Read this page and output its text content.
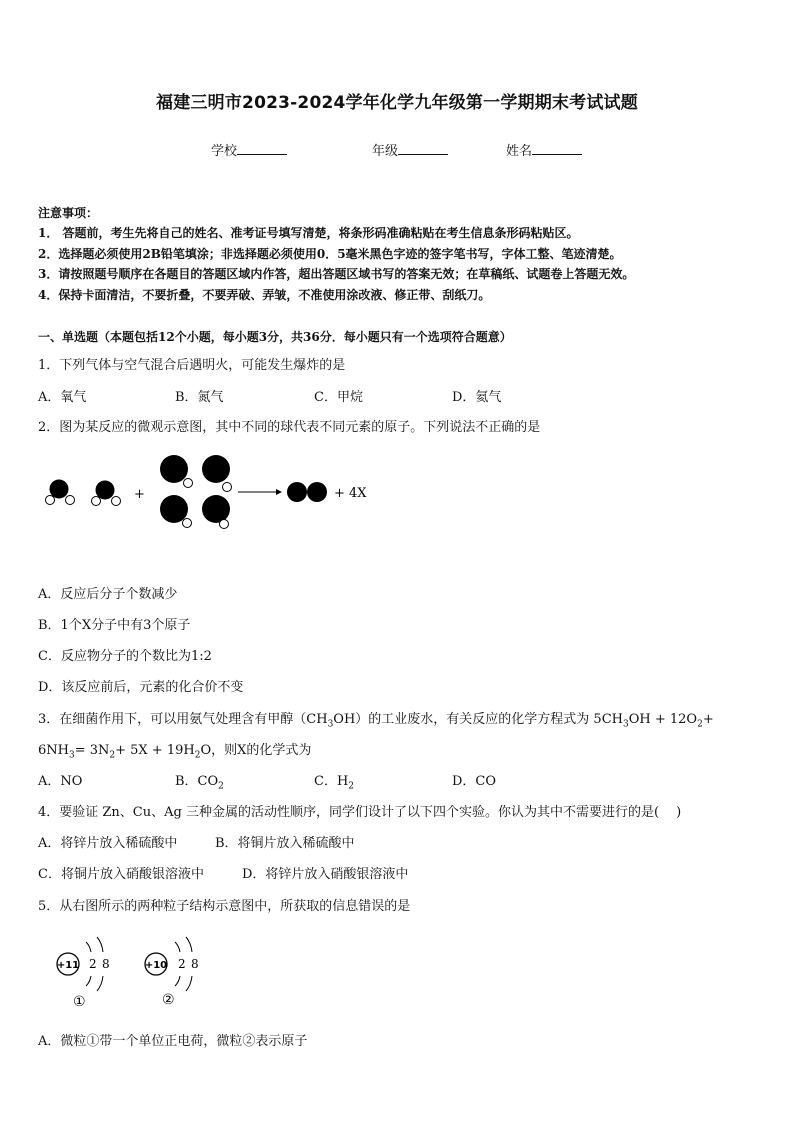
福建三明市2023-2024学年化学九年级第一学期期末考试试题
学校	年级	姓名
注意事项：
1． 答题前，考生先将自己的姓名、准考证号填写清楚，将条形码准确粘贴在考生信息条形码粘贴区。
2．选择题必须使用2B铅笔填涂；非选择题必须使用0．5毫米黑色字迹的签字笔书写，字体工整、笔迹清楚。
3．请按照题号顺序在各题目的答题区域内作答，超出答题区域书写的答案无效；在草稿纸、试题卷上答题无效。
4．保持卡面清洁，不要折叠，不要弄破、弄皱，不准使用涂改液、修正带、刮纸刀。
一、单选题（本题包括12个小题，每小题3分，共36分．每小题只有一个选项符合题意）
1．下列气体与空气混合后遇明火，可能发生爆炸的是
A．氧气	B．氮气	C．甲烷	D．氦气
2．图为某反应的微观示意图，其中不同的球代表不同元素的原子。下列说法不正确的是
+	+ 4X
A．反应后分子个数减少
B．1个X分子中有3个原子
C．反应物分子的个数比为1:2
D．该反应前后，元素的化合价不变
3．在细菌作用下，可以用氨气处理含有甲醇$(CH_3OH)$的工业废水，有关反应的化学方程式为 $5CH_3OH + 12O_2+$
$6NH_3= 3N_2+ 5X + 19H_2O$，则X的化学式为
A．NO	B．$CO_2$	C．$H_2$	D．CO
4．要验证 Zn、Cu、Ag 三种金属的活动性顺序，同学们设计了以下四个实验。你认为其中不需要进行的是(　 )
A．将锌片放入稀硫酸中	B．将铜片放入稀硫酸中
C．将铜片放入硝酸银溶液中	D．将锌片放入硝酸银溶液中
5．从右图所示的两种粒子结构示意图中，所获取的信息错误的是
+11 2 8
①
+10 2 8
②
A．微粒①带一个单位正电荷，微粒②表示原子
